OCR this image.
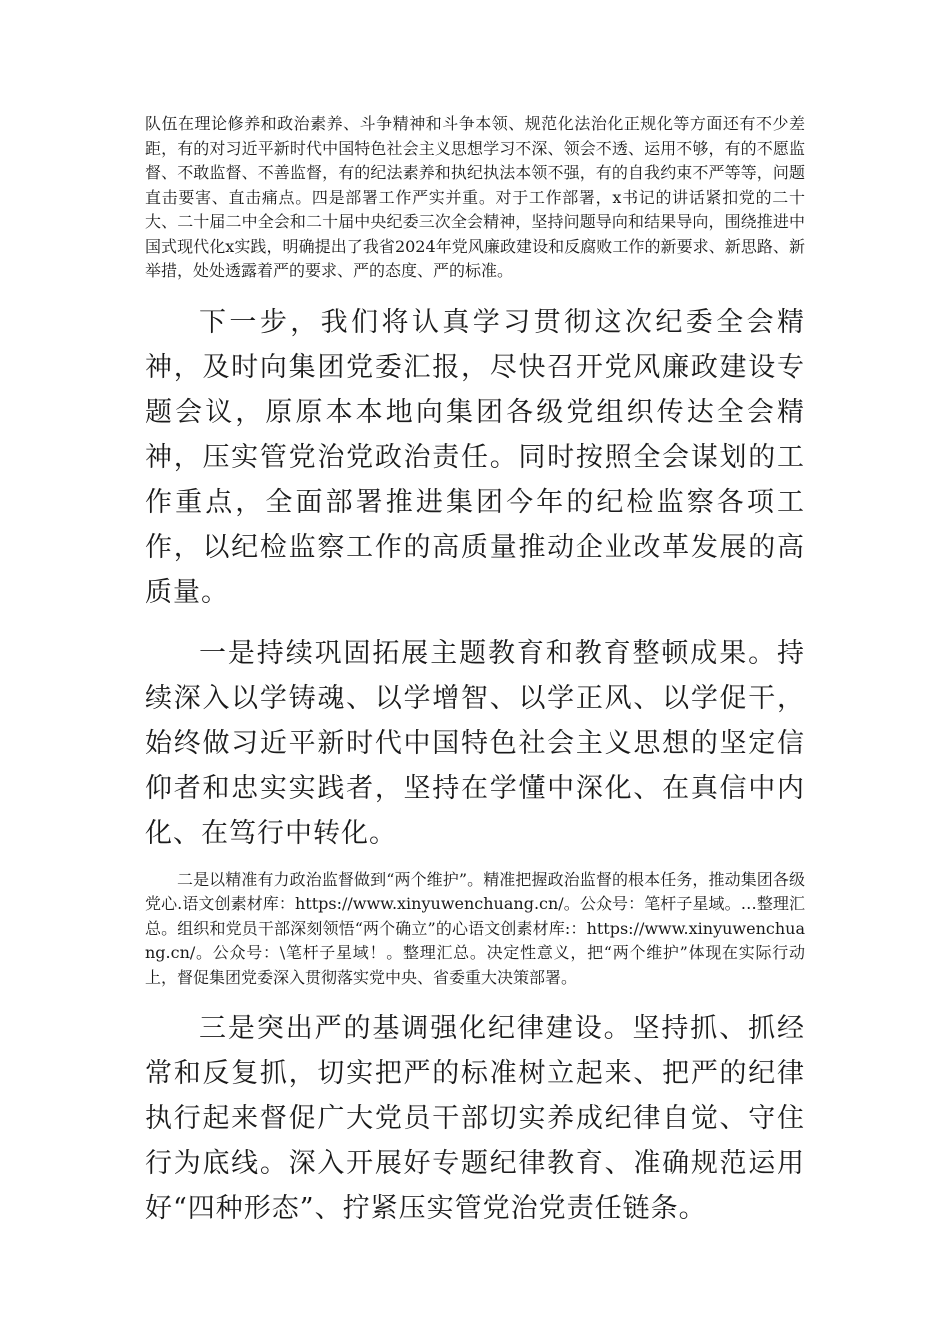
队伍在理论修养和政治素养、斗争精神和斗争本领、规范化法治化正规化等方面还有不少差距，有的对习近平新时代中国特色社会主义思想学习不深、领会不透、运用不够，有的不愿监督、不敢监督、不善监督，有的纪法素养和执纪执法本领不强，有的自我约束不严等等，问题直击要害、直击痛点。四是部署工作严实并重。对于工作部署，x书记的讲话紧扣党的二十大、二十届二中全会和二十届中央纪委三次全会精神，坚持问题导向和结果导向，围绕推进中国式现代化x实践，明确提出了我省2024年党风廉政建设和反腐败工作的新要求、新思路、新举措，处处透露着严的要求、严的态度、严的标准。

下一步，我们将认真学习贯彻这次纪委全会精神，及时向集团党委汇报，尽快召开党风廉政建设专题会议，原原本本地向集团各级党组织传达全会精神，压实管党治党政治责任。同时按照全会谋划的工作重点，全面部署推进集团今年的纪检监察各项工作，以纪检监察工作的高质量推动企业改革发展的高质量。

一是持续巩固拓展主题教育和教育整顿成果。持续深入以学铸魂、以学增智、以学正风、以学促干，始终做习近平新时代中国特色社会主义思想的坚定信仰者和忠实实践者，坚持在学懂中深化、在真信中内化、在笃行中转化。

二是以精准有力政治监督做到“两个维护”。精准把握政治监督的根本任务，推动集团各级党心.语文创素材库：https://www.xinyuwenchuang.cn/。公众号：笔杆子星域。…整理汇总。组织和党员干部深刻领悟“两个确立”的心语文创素材库:：https://www.xinyuwenchuang.cn/。公众号：\笔杆子星域！。整理汇总。决定性意义，把“两个维护”体现在实际行动上，督促集团党委深入贯彻落实党中央、省委重大决策部署。

三是突出严的基调强化纪律建设。坚持抓、抓经常和反复抓，切实把严的标准树立起来、把严的纪律执行起来督促广大党员干部切实养成纪律自觉、守住行为底线。深入开展好专题纪律教育、准确规范运用好“四种形态”、拧紧压实管党治党责任链条。
